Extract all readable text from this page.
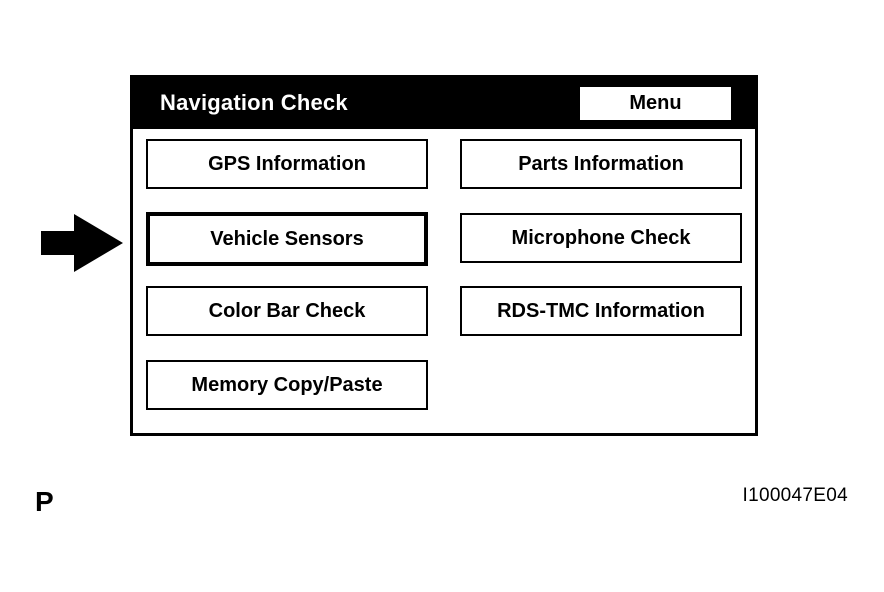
Navigation Check	Menu
GPS Information	Parts Information
Vehicle Sensors	Microphone Check
Color Bar Check	RDS-TMC Information
Memory Copy/Paste
P	I100047E04
